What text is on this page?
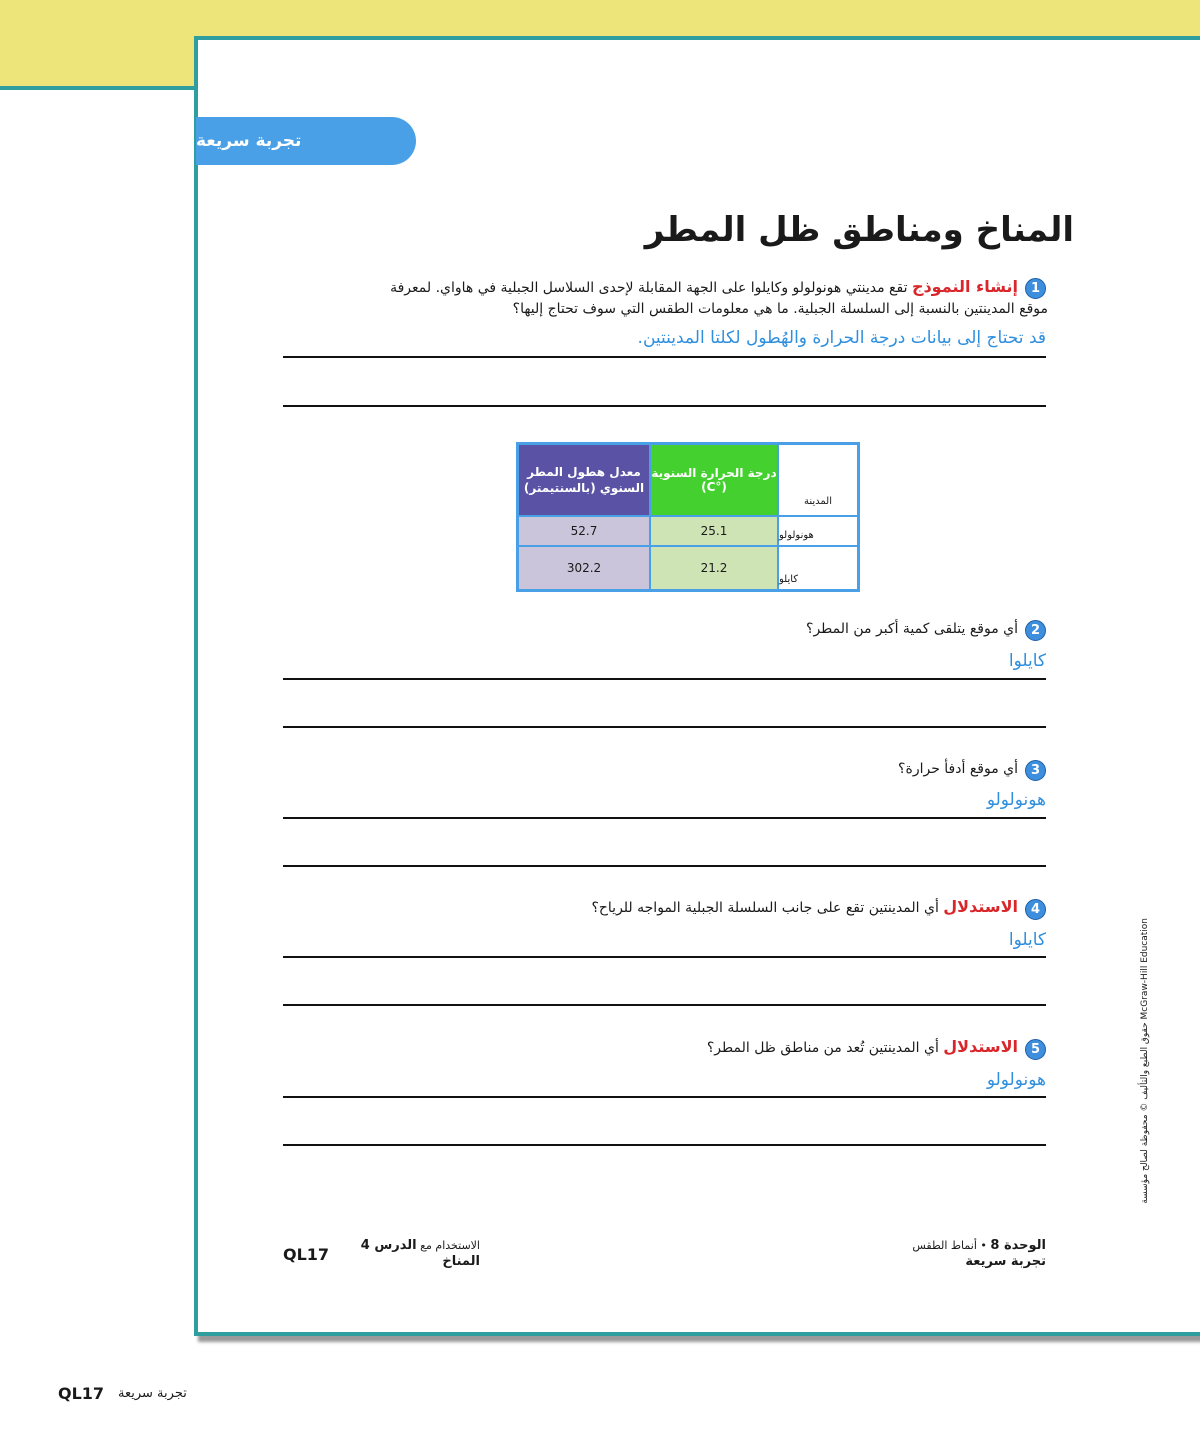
تجربة سريعة
المناخ ومناطق ظل المطر
1
إنشاء النموذج تقع مدينتي هونولولو وكايلوا على الجهة المقابلة لإحدى السلاسل الجبلية في هاواي. لمعرفة
موقع المدينتين بالنسبة إلى السلسلة الجبلية. ما هي معلومات الطقس التي سوف تحتاج إليها؟
قد تحتاج إلى بيانات درجة الحرارة والهُطول لكلتا المدينتين.
المدينة	درجة الحرارة السنوية (°C)	معدل هطول المطر السنوي (بالسنتيمتر)
هونولولو	25.1	52.7
كايلو	21.2	302.2
2
أي موقع يتلقى كمية أكبر من المطر؟
كايلوا
3
أي موقع أدفأ حرارة؟
هونولولو
4
الاستدلال أي المدينتين تقع على جانب السلسلة الجبلية المواجه للرياح؟
كايلوا
5
الاستدلال أي المدينتين تُعد من مناطق ظل المطر؟
هونولولو	McGraw-Hill Education حقوق الطبع والتأليف © محفوظة لصالح مؤسسة
الوحدة 8 • أنماط الطقس
تجربة سريعة
الاستخدام مع الدرس 4
المناخ
QL17
QL17 تجربة سريعة
